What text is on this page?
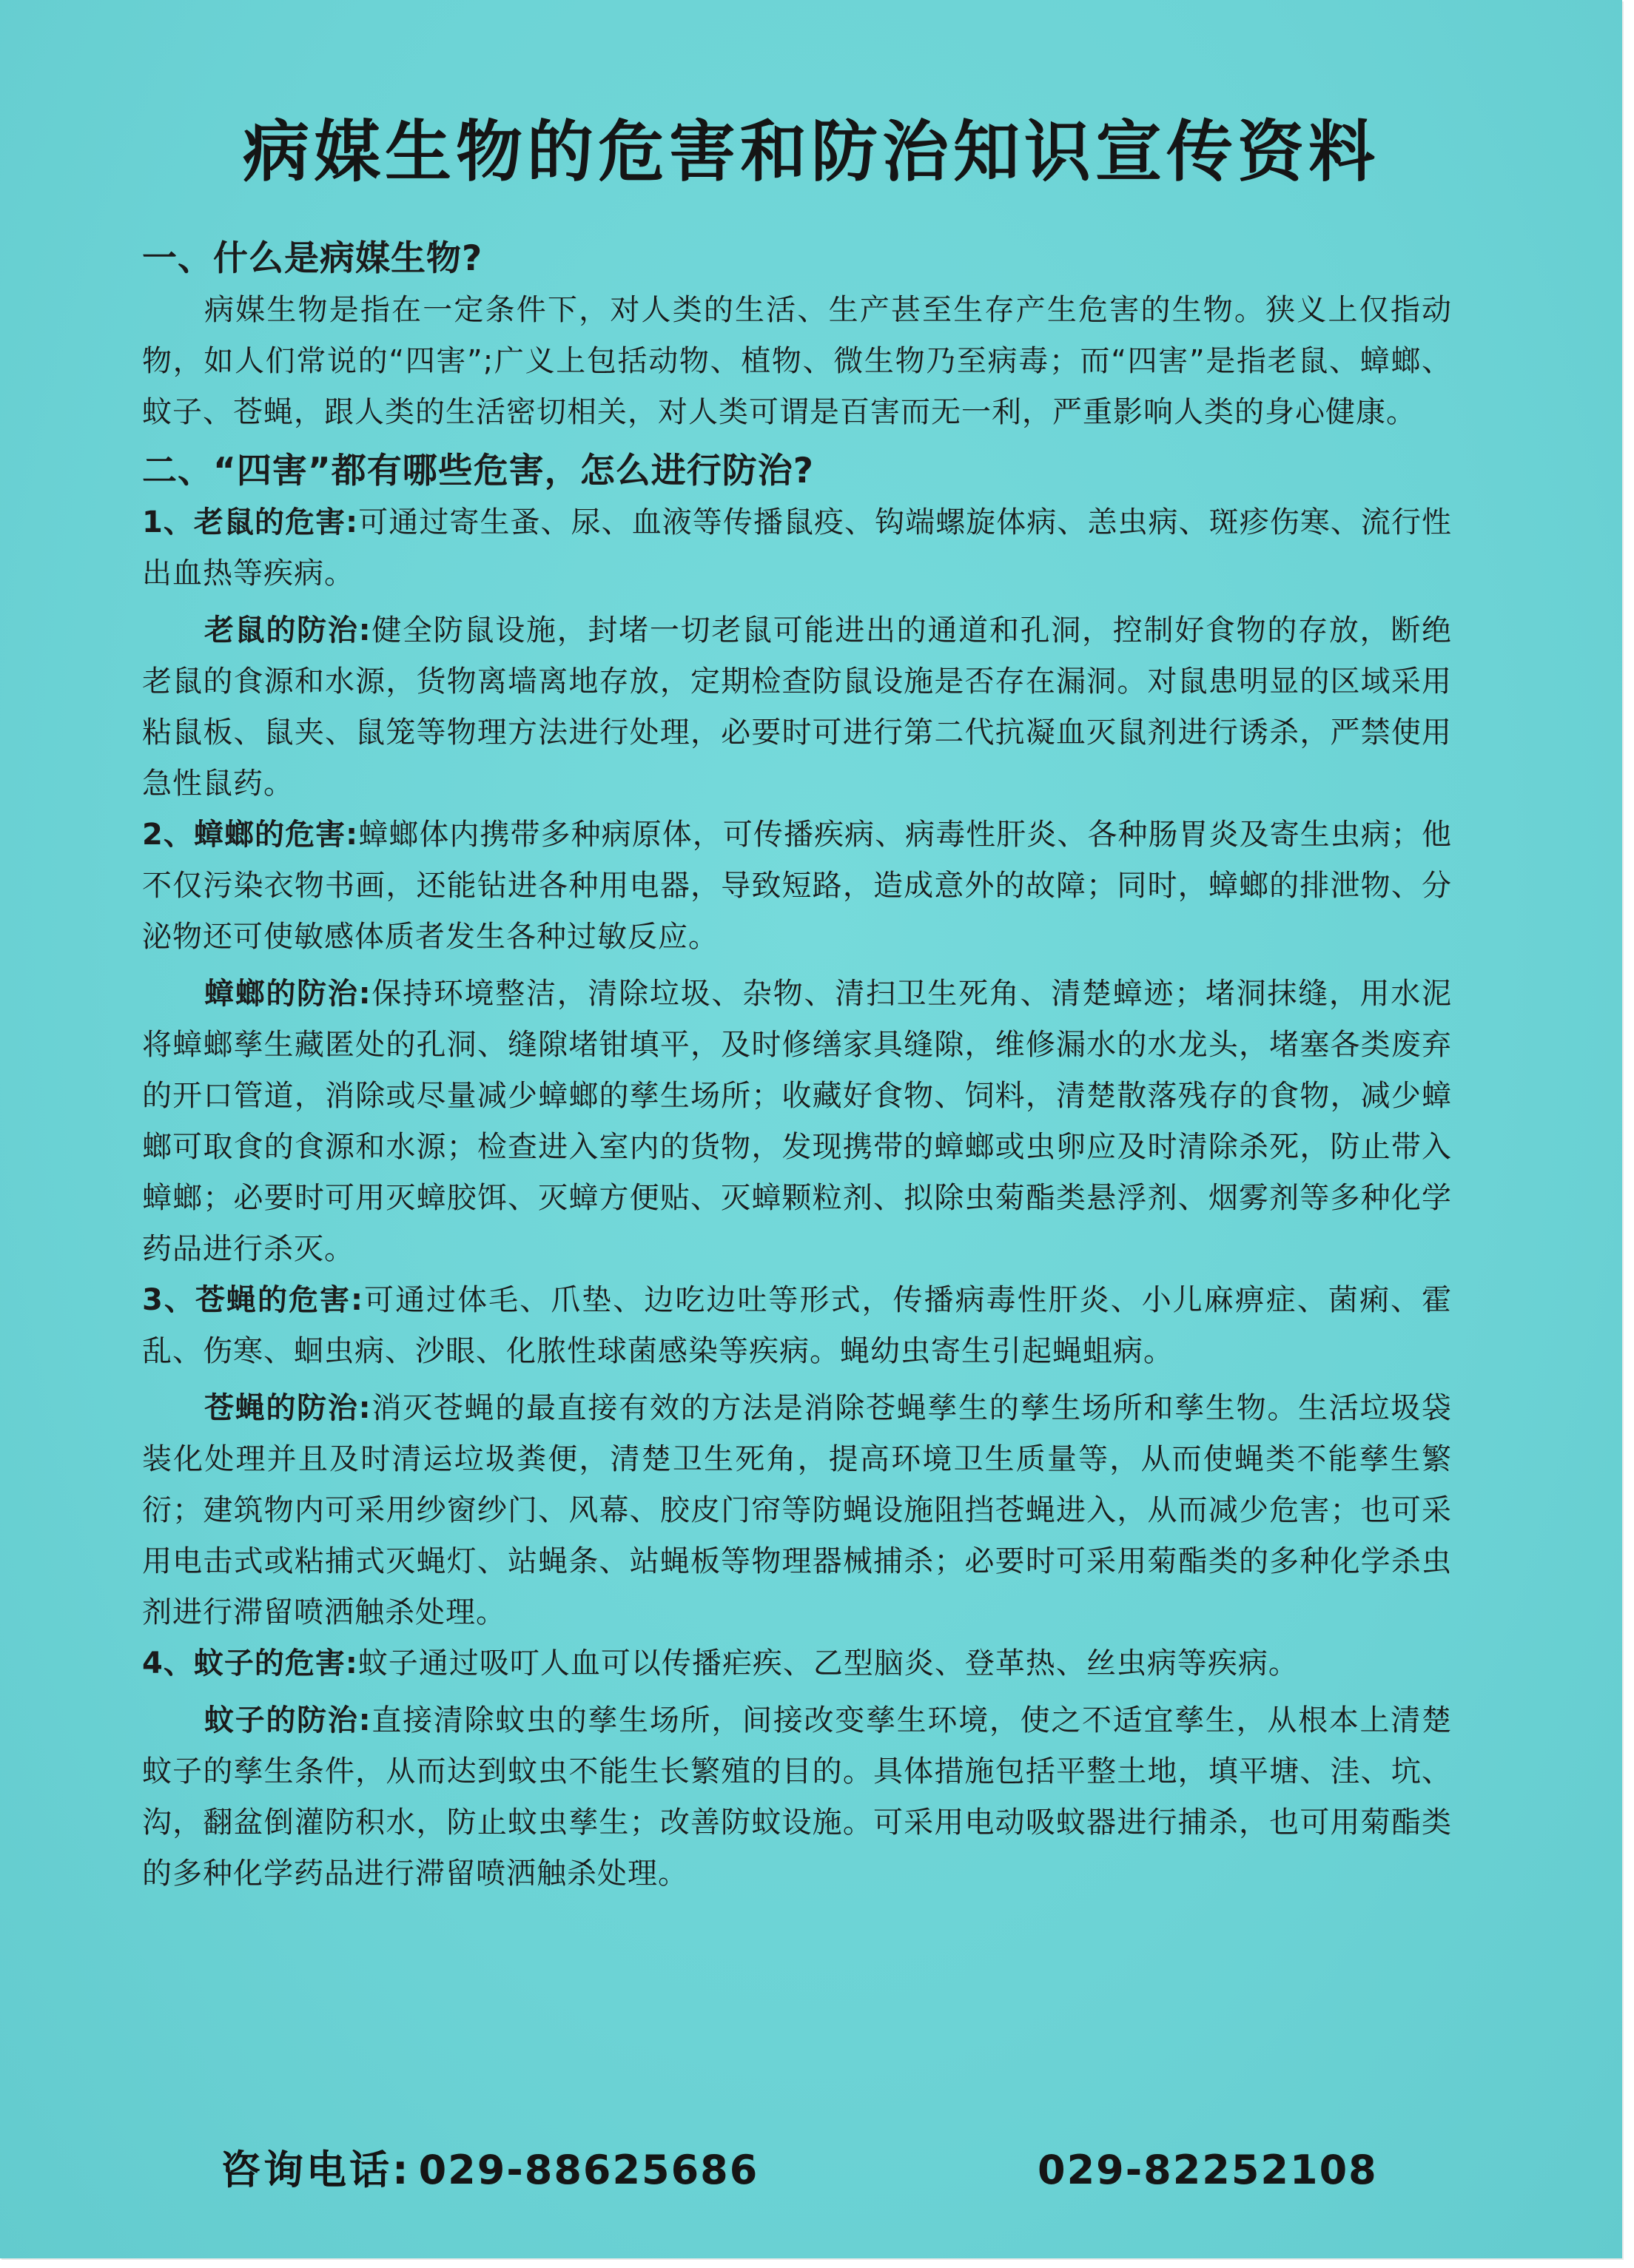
病媒生物的危害和防治知识宣传资料
一、什么是病媒生物?

病媒生物是指在一定条件下，对人类的生活、生产甚至生存产生危害的生物。狭义上仅指动物，如人们常说的“四害”;广义上包括动物、植物、微生物乃至病毒；而“四害”是指老鼠、蟑螂、蚊子、苍蝇，跟人类的生活密切相关，对人类可谓是百害而无一利，严重影响人类的身心健康。

二、“四害”都有哪些危害，怎么进行防治?

1、老鼠的危害:可通过寄生蚤、尿、血液等传播鼠疫、钩端螺旋体病、恙虫病、斑疹伤寒、流行性出血热等疾病。

老鼠的防治:健全防鼠设施，封堵一切老鼠可能进出的通道和孔洞，控制好食物的存放，断绝老鼠的食源和水源，货物离墙离地存放，定期检查防鼠设施是否存在漏洞。对鼠患明显的区域采用粘鼠板、鼠夹、鼠笼等物理方法进行处理，必要时可进行第二代抗凝血灭鼠剂进行诱杀，严禁使用急性鼠药。

2、蟑螂的危害:蟑螂体内携带多种病原体，可传播疾病、病毒性肝炎、各种肠胃炎及寄生虫病；他不仅污染衣物书画，还能钻进各种用电器，导致短路，造成意外的故障；同时，蟑螂的排泄物、分泌物还可使敏感体质者发生各种过敏反应。

蟑螂的防治:保持环境整洁，清除垃圾、杂物、清扫卫生死角、清楚蟑迹；堵洞抹缝，用水泥将蟑螂孳生藏匿处的孔洞、缝隙堵钳填平，及时修缮家具缝隙，维修漏水的水龙头，堵塞各类废弃的开口管道，消除或尽量减少蟑螂的孳生场所；收藏好食物、饲料，清楚散落残存的食物，减少蟑螂可取食的食源和水源；检查进入室内的货物，发现携带的蟑螂或虫卵应及时清除杀死，防止带入蟑螂；必要时可用灭蟑胶饵、灭蟑方便贴、灭蟑颗粒剂、拟除虫菊酯类悬浮剂、烟雾剂等多种化学药品进行杀灭。

3、苍蝇的危害:可通过体毛、爪垫、边吃边吐等形式，传播病毒性肝炎、小儿麻痹症、菌痢、霍乱、伤寒、蛔虫病、沙眼、化脓性球菌感染等疾病。蝇幼虫寄生引起蝇蛆病。

苍蝇的防治:消灭苍蝇的最直接有效的方法是消除苍蝇孳生的孳生场所和孳生物。生活垃圾袋装化处理并且及时清运垃圾粪便，清楚卫生死角，提高环境卫生质量等，从而使蝇类不能孳生繁衍；建筑物内可采用纱窗纱门、风幕、胶皮门帘等防蝇设施阻挡苍蝇进入，从而减少危害；也可采用电击式或粘捕式灭蝇灯、站蝇条、站蝇板等物理器械捕杀；必要时可采用菊酯类的多种化学杀虫剂进行滞留喷洒触杀处理。

4、蚊子的危害:蚊子通过吸叮人血可以传播疟疾、乙型脑炎、登革热、丝虫病等疾病。

蚊子的防治:直接清除蚊虫的孳生场所，间接改变孳生环境，使之不适宜孳生，从根本上清楚蚊子的孳生条件，从而达到蚊虫不能生长繁殖的目的。具体措施包括平整土地，填平塘、洼、坑、沟，翻盆倒灌防积水，防止蚊虫孳生；改善防蚊设施。可采用电动吸蚊器进行捕杀，也可用菊酯类的多种化学药品进行滞留喷洒触杀处理。

咨询电话: 029-88625686	029-82252108
